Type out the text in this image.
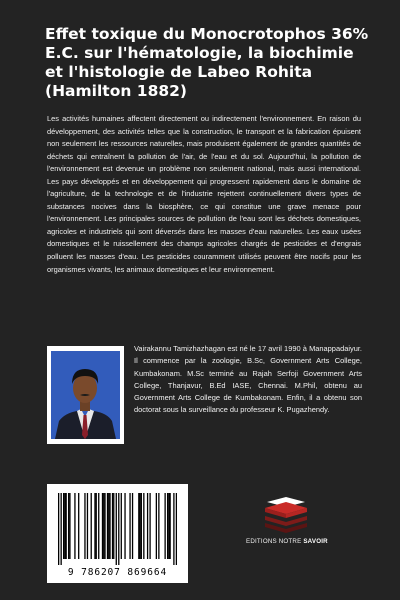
Effet toxique du Monocrotophos 36% E.C. sur l'hématologie, la biochimie et l'histologie de Labeo Rohita (Hamilton 1882)

Les activités humaines affectent directement ou indirectement l'environnement. En raison du développement, des activités telles que la construction, le transport et la fabrication épuisent non seulement les ressources naturelles, mais produisent également de grandes quantités de déchets qui entraînent la pollution de l'air, de l'eau et du sol. Aujourd'hui, la pollution de l'environnement est devenue un problème non seulement national, mais aussi international. Les pays développés et en développement qui progressent rapidement dans le domaine de l'agriculture, de la technologie et de l'industrie rejettent continuellement divers types de substances nocives dans la biosphère, ce qui constitue une grave menace pour l'environnement. Les principales sources de pollution de l'eau sont les déchets domestiques, agricoles et industriels qui sont déversés dans les masses d'eau naturelles. Les eaux usées domestiques et le ruissellement des champs agricoles chargés de pesticides et d'engrais polluent les masses d'eau. Les pesticides couramment utilisés peuvent être nocifs pour les organismes vivants, les animaux domestiques et leur environnement.

Vairakannu Tamizhazhagan est né le 17 avril 1990 à Manappadaiyur. Il commence par la zoologie, B.Sc, Government Arts College, Kumbakonam. M.Sc terminé au Rajah Serfoji Government Arts College, Thanjavur, B.Ed IASE, Chennai. M.Phil, obtenu au Government Arts College de Kumbakonam. Enfin, il a obtenu son doctorat sous la surveillance du professeur K. Pugazhendy.

9 786207 869664
EDITIONS NOTRE SAVOIR
